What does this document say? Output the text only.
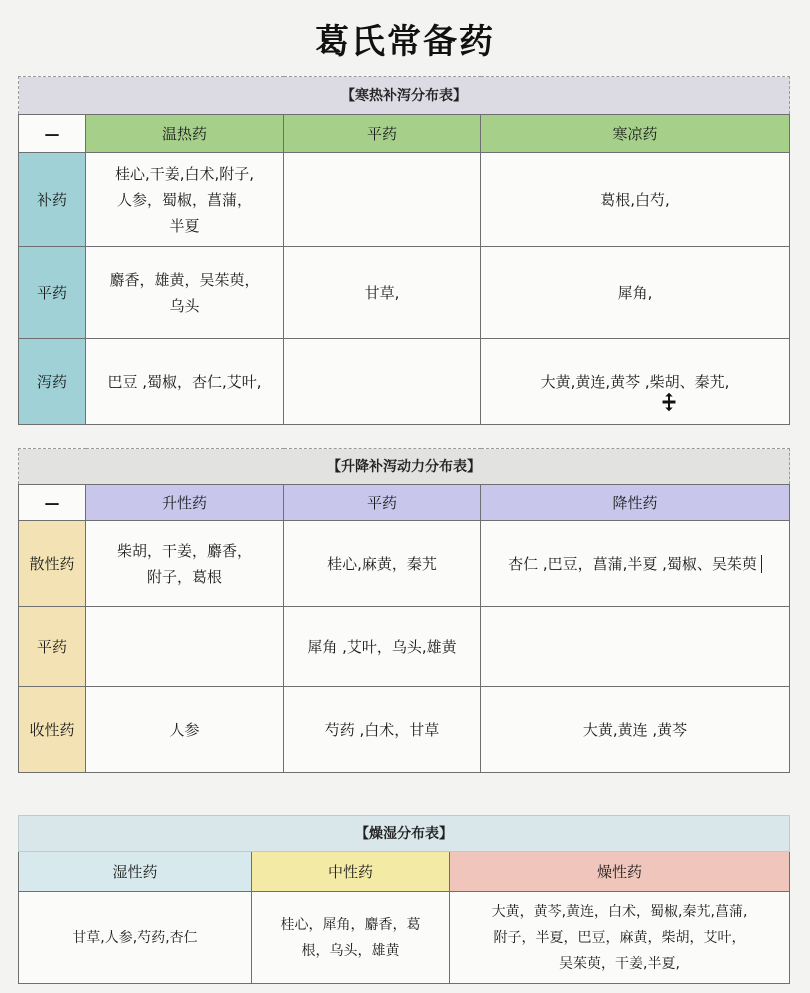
葛氏常备药
【寒热补泻分布表】			
—	温热药	平药	寒凉药
补药	桂心,干姜,白术,附子,
人参，蜀椒，菖蒲，
半夏		葛根,白芍,
平药	麝香，雄黄，吴茱萸，
乌头	甘草,	犀角,
泻药	巴豆 ,蜀椒，杏仁,艾叶,		大黄,黄连,黄芩 ,柴胡、秦艽,
【升降补泻动力分布表】			
—	升性药	平药	降性药
散性药	柴胡，干姜，麝香，
附子，葛根	桂心,麻黄，秦艽	杏仁 ,巴豆，菖蒲,半夏 ,蜀椒、吴茱萸
平药		犀角 ,艾叶，乌头,雄黄	
收性药	人参	芍药 ,白术，甘草	大黄,黄连 ,黄芩
【燥湿分布表】		
湿性药	中性药	燥性药
甘草,人参,芍药,杏仁	桂心，犀角，麝香，葛
根，乌头，雄黄	大黄，黄芩,黄连，白术，蜀椒,秦艽,菖蒲,
附子，半夏，巴豆，麻黄，柴胡，艾叶，
吴茱萸，干姜,半夏,
